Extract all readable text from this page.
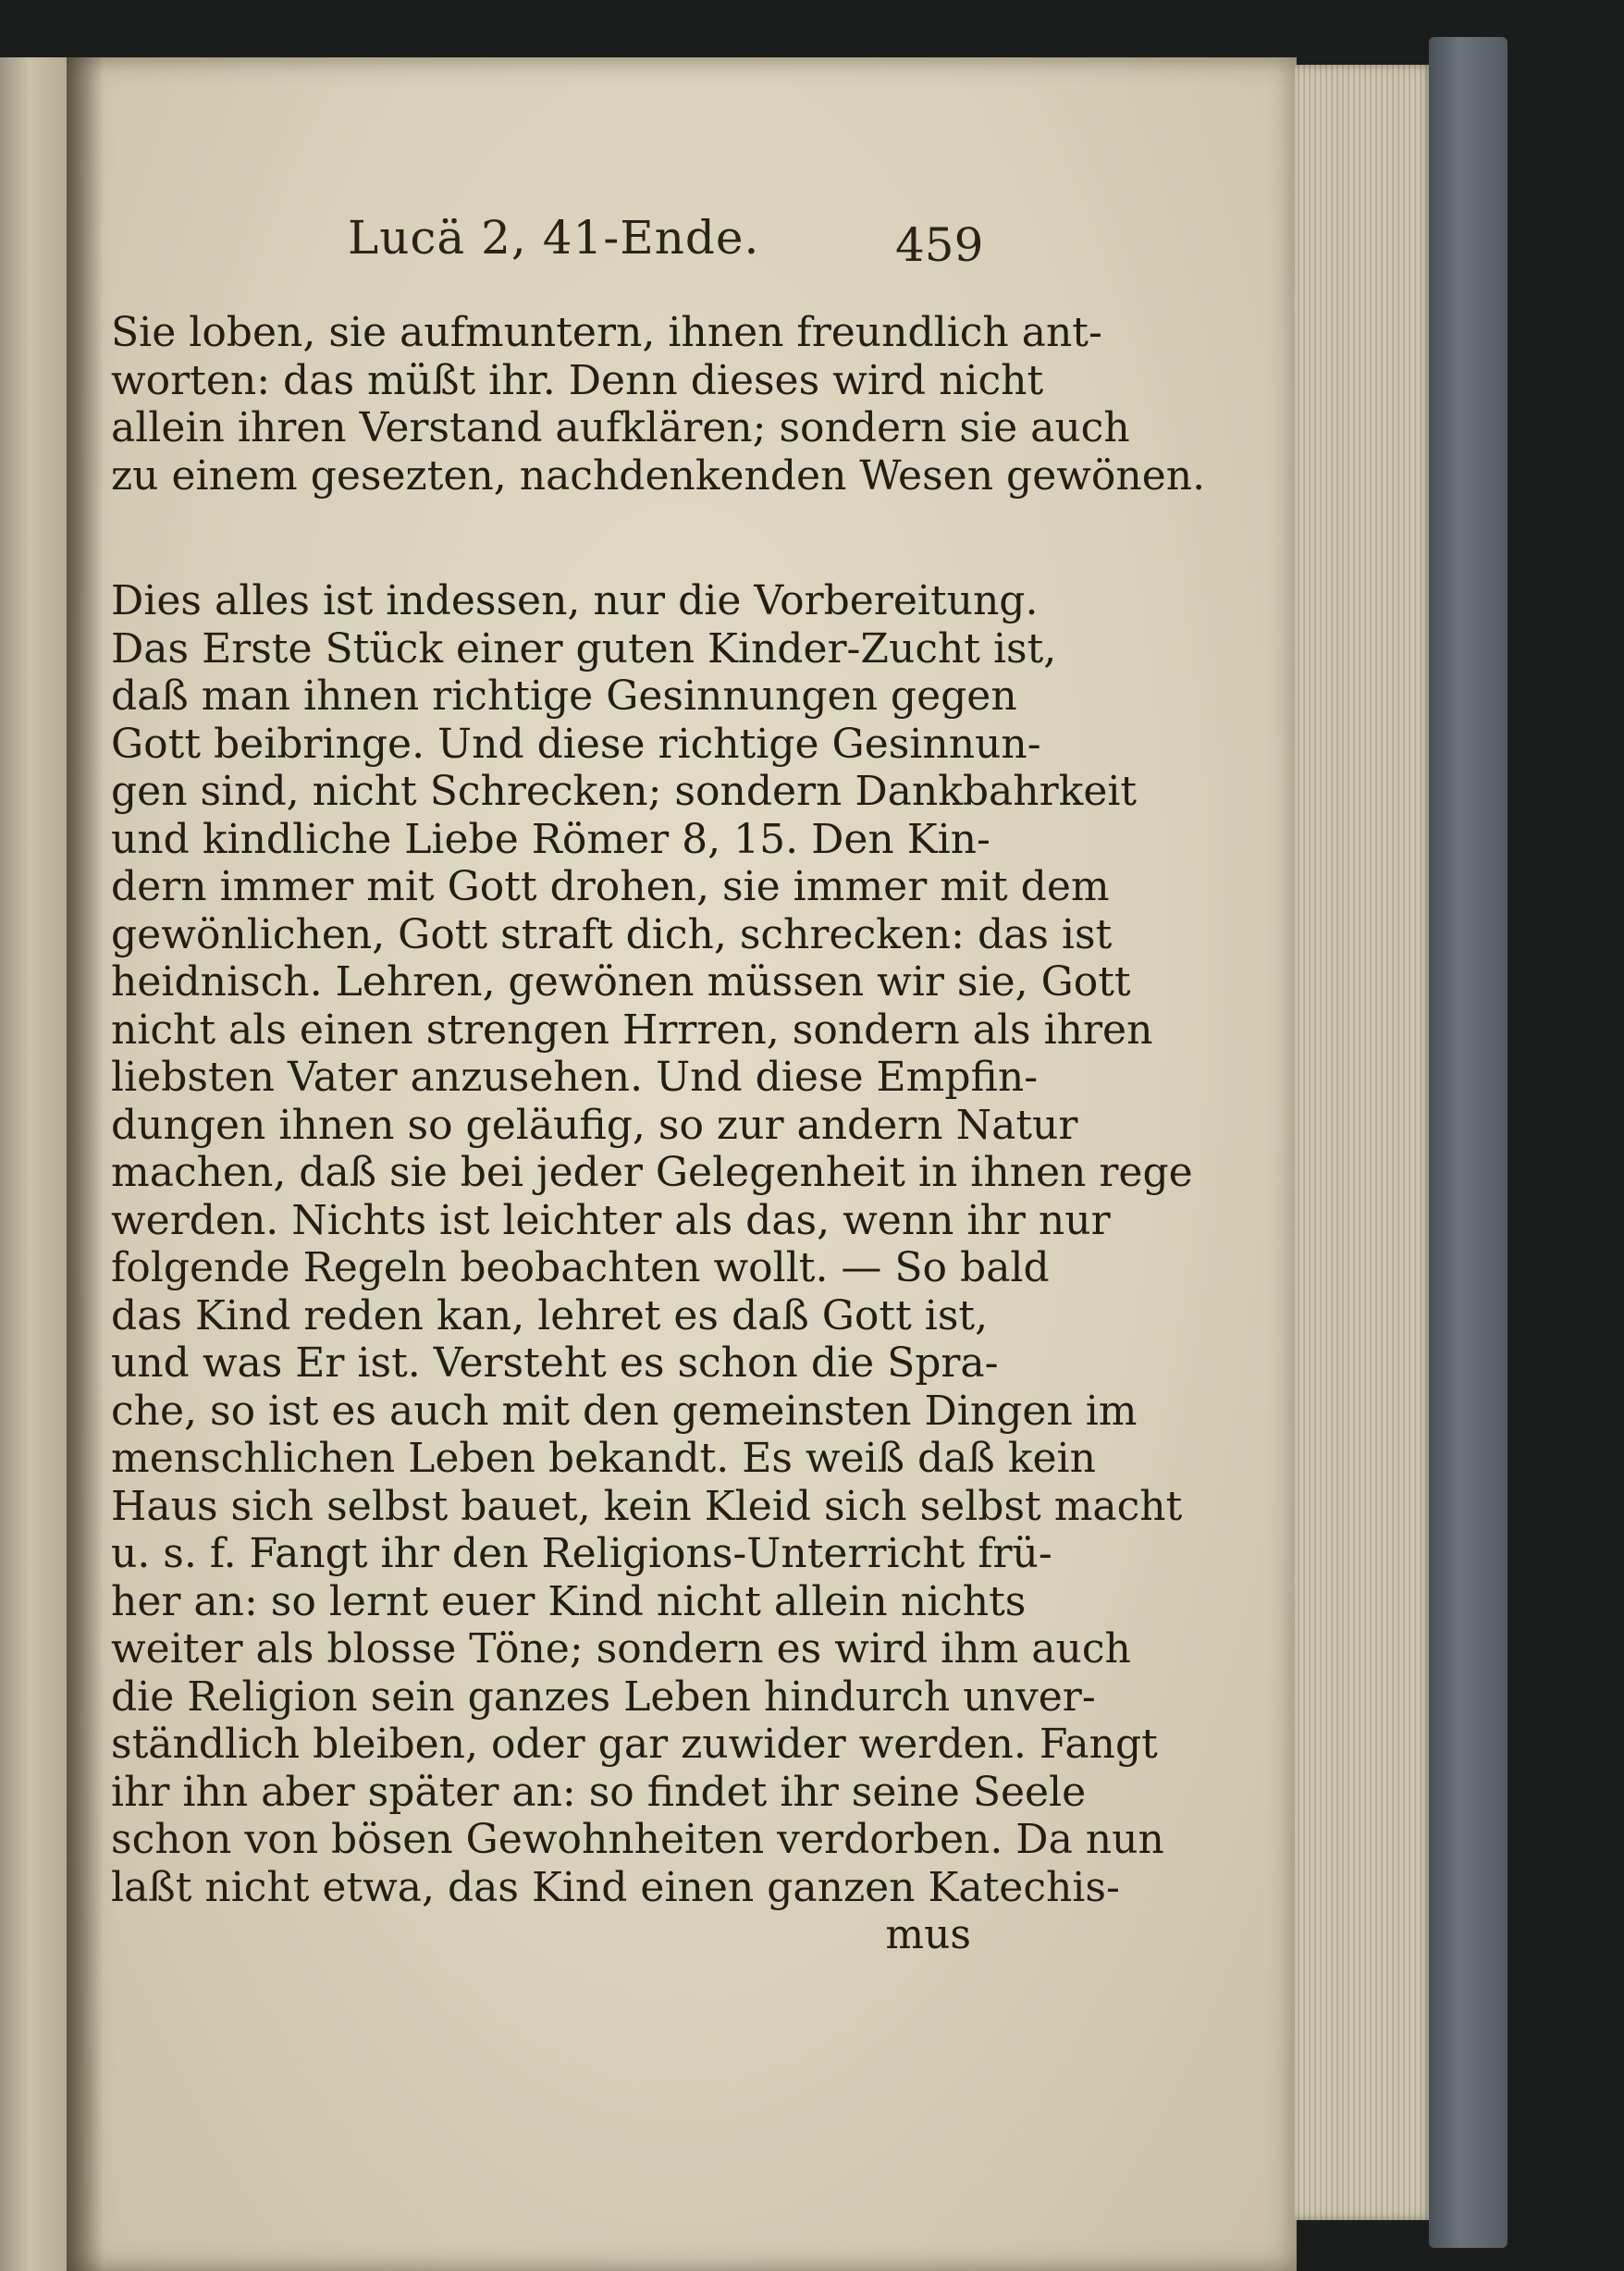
Lucä 2, 41-Ende.	459
Sie loben, sie aufmuntern, ihnen freundlich ant-
worten: das müßt ihr. Denn dieses wird nicht
allein ihren Verstand aufklären; sondern sie auch
zu einem gesezten, nachdenkenden Wesen gewönen.
Dies alles ist indessen, nur die Vorbereitung.
Das Erste Stück einer guten Kinder-Zucht ist,
daß man ihnen richtige Gesinnungen gegen
Gott beibringe. Und diese richtige Gesinnun-
gen sind, nicht Schrecken; sondern Dankbahrkeit
und kindliche Liebe Römer 8, 15. Den Kin-
dern immer mit Gott drohen, sie immer mit dem
gewönlichen, Gott straft dich, schrecken: das ist
heidnisch. Lehren, gewönen müssen wir sie, Gott
nicht als einen strengen Hrrren, sondern als ihren
liebsten Vater anzusehen. Und diese Empfin-
dungen ihnen so geläufig, so zur andern Natur
machen, daß sie bei jeder Gelegenheit in ihnen rege
werden. Nichts ist leichter als das, wenn ihr nur
folgende Regeln beobachten wollt. — So bald
das Kind reden kan, lehret es daß Gott ist,
und was Er ist. Versteht es schon die Spra-
che, so ist es auch mit den gemeinsten Dingen im
menschlichen Leben bekandt. Es weiß daß kein
Haus sich selbst bauet, kein Kleid sich selbst macht
u. s. f. Fangt ihr den Religions-Unterricht frü-
her an: so lernt euer Kind nicht allein nichts
weiter als blosse Töne; sondern es wird ihm auch
die Religion sein ganzes Leben hindurch unver-
ständlich bleiben, oder gar zuwider werden. Fangt
ihr ihn aber später an: so findet ihr seine Seele
schon von bösen Gewohnheiten verdorben. Da nun
laßt nicht etwa, das Kind einen ganzen Katechis-
mus
